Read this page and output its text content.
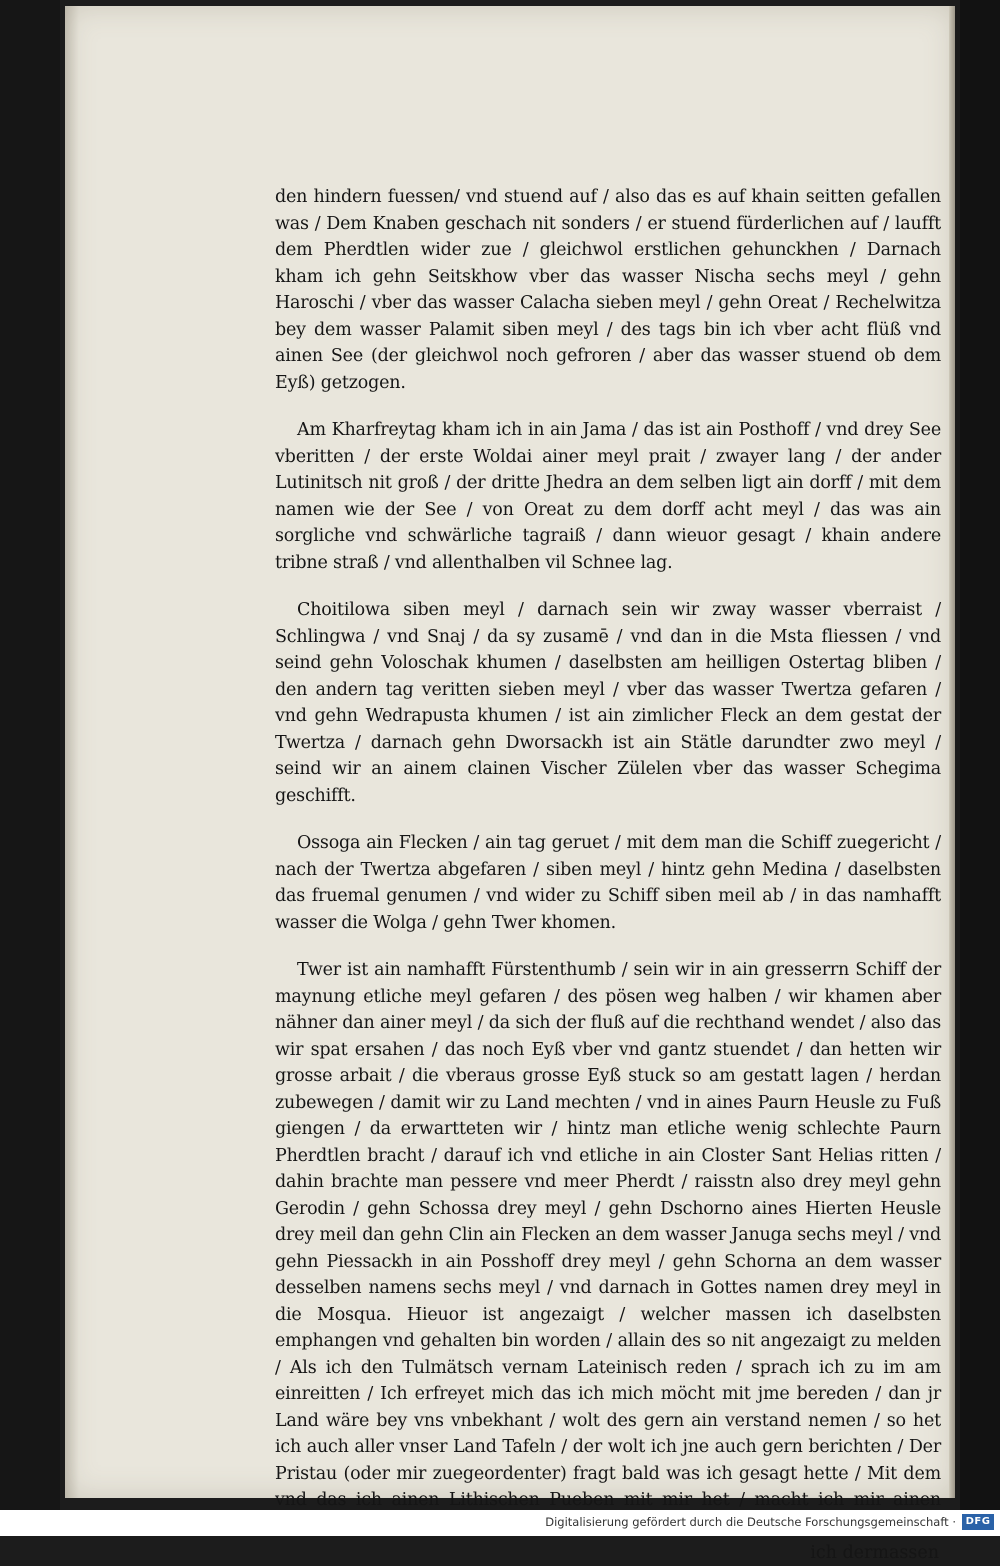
den hindern fuessen/ vnd stuend auf / also das es auf khain seitten gefallen was / Dem Knaben geschach nit sonders / er stuend fürderlichen auf / laufft dem Pherdtlen wider zue / gleichwol erstlichen gehunckhen / Darnach kham ich gehn Seitskhow vber das wasser Nischa sechs meyl / gehn Haroschi / vber das wasser Calacha sieben meyl / gehn Oreat / Rechelwitza bey dem wasser Palamit siben meyl / des tags bin ich vber acht flüß vnd ainen See (der gleichwol noch gefroren / aber das wasser stuend ob dem Eyß) getzogen.

Am Kharfreytag kham ich in ain Jama / das ist ain Posthoff / vnd drey See vberitten / der erste Woldai ainer meyl prait / zwayer lang / der ander Lutinitsch nit groß / der dritte Jhedra an dem selben ligt ain dorff / mit dem namen wie der See / von Oreat zu dem dorff acht meyl / das was ain sorgliche vnd schwärliche tagraiß / dann wieuor gesagt / khain andere tribne straß / vnd allenthalben vil Schnee lag.

Choitilowa siben meyl / darnach sein wir zway wasser vberraist / Schlingwa / vnd Snaj / da sy zusamē / vnd dan in die Msta fliessen / vnd seind gehn Voloschak khumen / daselbsten am heilligen Ostertag bliben / den andern tag veritten sieben meyl / vber das wasser Twertza gefaren / vnd gehn Wedrapusta khumen / ist ain zimlicher Fleck an dem gestat der Twertza / darnach gehn Dworsackh ist ain Stätle darundter zwo meyl / seind wir an ainem clainen Vischer Zülelen vber das wasser Schegima geschifft.

Ossoga ain Flecken / ain tag geruet / mit dem man die Schiff zuegericht / nach der Twertza abgefaren / siben meyl / hintz gehn Medina / daselbsten das fruemal genumen / vnd wider zu Schiff siben meil ab / in das namhafft wasser die Wolga / gehn Twer khomen.

Twer ist ain namhafft Fürstenthumb / sein wir in ain gresserrn Schiff der maynung etliche meyl gefaren / des pösen weg halben / wir khamen aber nähner dan ainer meyl / da sich der fluß auf die rechthand wendet / also das wir spat ersahen / das noch Eyß vber vnd gantz stuendet / dan hetten wir grosse arbait / die vberaus grosse Eyß stuck so am gestatt lagen / herdan zubewegen / damit wir zu Land mechten / vnd in aines Paurn Heusle zu Fuß giengen / da erwartteten wir / hintz man etliche wenig schlechte Paurn Pherdtlen bracht / darauf ich vnd etliche in ain Closter Sant Helias ritten / dahin brachte man pessere vnd meer Pherdt / raisstn also drey meyl gehn Gerodin / gehn Schossa drey meyl / gehn Dschorno aines Hierten Heusle drey meil dan gehn Clin ain Flecken an dem wasser Januga sechs meyl / vnd gehn Piessackh in ain Posshoff drey meyl / gehn Schorna an dem wasser desselben namens sechs meyl / vnd darnach in Gottes namen drey meyl in die Mosqua. Hieuor ist angezaigt / welcher massen ich daselbsten emphangen vnd gehalten bin worden / allain des so nit angezaigt zu melden / Als ich den Tulmätsch vernam Lateinisch reden / sprach ich zu im am einreitten / Ich erfreyet mich das ich mich möcht mit jme bereden / dan jr Land wäre bey vns vnbekhant / wolt des gern ain verstand nemen / so het ich auch aller vnser Land Tafeln / der wolt ich jne auch gern berichten / Der Pristau (oder mir zuegeordenter) fragt bald was ich gesagt hette / Mit dem vnd das ich ainen Lithischen Pueben mit mir het / macht ich mir ainen

ich dermassen

Digitalisierung gefördert durch die Deutsche Forschungsgemeinschaft · DFG
